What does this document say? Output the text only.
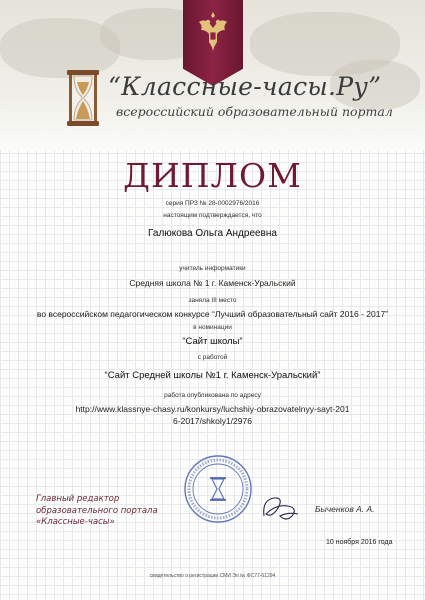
“Классные-часы.Ру”
всероссийский образовательный портал
ДИПЛОМ
серия ПРЗ № 28-0002976/2016
настоящим подтверждается, что
Галюкова Ольга Андреевна
учитель информатики
Средняя школа № 1 г. Каменск-Уральский
заняла III место
во всероссийском педагогическом конкурсе “Лучший образовательный сайт 2016 - 2017”
в номинации
“Сайт школы”
с работой
“Сайт Средней школы №1 г. Каменск-Уральский”
работа опубликована по адресу
http://www.klassnye-chasy.ru/konkursy/luchshiy-obrazovatelnyy-sayt-201
6-2017/shkoly1/2976
Главный редактор
образовательного портала
«Классные-часы»
Быченков А. А.
10 ноября 2016 года
свидетельство о регистрации СМИ Эл № ФС77-61294
